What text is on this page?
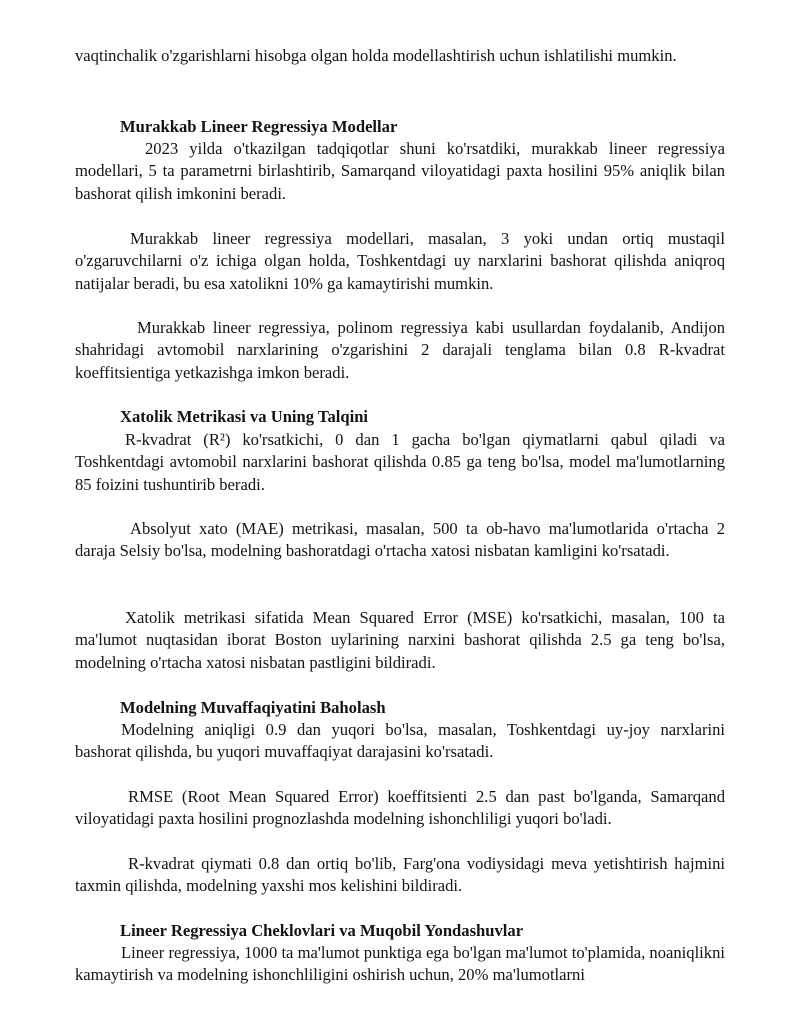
vaqtinchalik o'zgarishlarni hisobga olgan holda modellashtirish uchun ishlatilishi mumkin.

Murakkab Lineer Regressiya Modellar

2023 yilda o'tkazilgan tadqiqotlar shuni ko'rsatdiki, murakkab lineer regressiya modellari, 5 ta parametrni birlashtirib, Samarqand viloyatidagi paxta hosilini 95% aniqlik bilan bashorat qilish imkonini beradi.

Murakkab lineer regressiya modellari, masalan, 3 yoki undan ortiq mustaqil o'zgaruvchilarni o'z ichiga olgan holda, Toshkentdagi uy narxlarini bashorat qilishda aniqroq natijalar beradi, bu esa xatolikni 10% ga kamaytirishi mumkin.

Murakkab lineer regressiya, polinom regressiya kabi usullardan foydalanib, Andijon shahridagi avtomobil narxlarining o'zgarishini 2 darajali tenglama bilan 0.8 R-kvadrat koeffitsientiga yetkazishga imkon beradi.

Xatolik Metrikasi va Uning Talqini

R-kvadrat (R²) ko'rsatkichi, 0 dan 1 gacha bo'lgan qiymatlarni qabul qiladi va Toshkentdagi avtomobil narxlarini bashorat qilishda 0.85 ga teng bo'lsa, model ma'lumotlarning 85 foizini tushuntirib beradi.

Absolyut xato (MAE) metrikasi, masalan, 500 ta ob-havo ma'lumotlarida o'rtacha 2 daraja Selsiy bo'lsa, modelning bashoratdagi o'rtacha xatosi nisbatan kamligini ko'rsatadi.

Xatolik metrikasi sifatida Mean Squared Error (MSE) ko'rsatkichi, masalan, 100 ta ma'lumot nuqtasidan iborat Boston uylarining narxini bashorat qilishda 2.5 ga teng bo'lsa, modelning o'rtacha xatosi nisbatan pastligini bildiradi.

Modelning Muvaffaqiyatini Baholash

Modelning aniqligi 0.9 dan yuqori bo'lsa, masalan, Toshkentdagi uy-joy narxlarini bashorat qilishda, bu yuqori muvaffaqiyat darajasini ko'rsatadi.

RMSE (Root Mean Squared Error) koeffitsienti 2.5 dan past bo'lganda, Samarqand viloyatidagi paxta hosilini prognozlashda modelning ishonchliligi yuqori bo'ladi.

R-kvadrat qiymati 0.8 dan ortiq bo'lib, Farg'ona vodiysidagi meva yetishtirish hajmini taxmin qilishda, modelning yaxshi mos kelishini bildiradi.

Lineer Regressiya Cheklovlari va Muqobil Yondashuvlar

Lineer regressiya, 1000 ta ma'lumot punktiga ega bo'lgan ma'lumot to'plamida, noaniqlikni kamaytirish va modelning ishonchliligini oshirish uchun, 20% ma'lumotlarni
